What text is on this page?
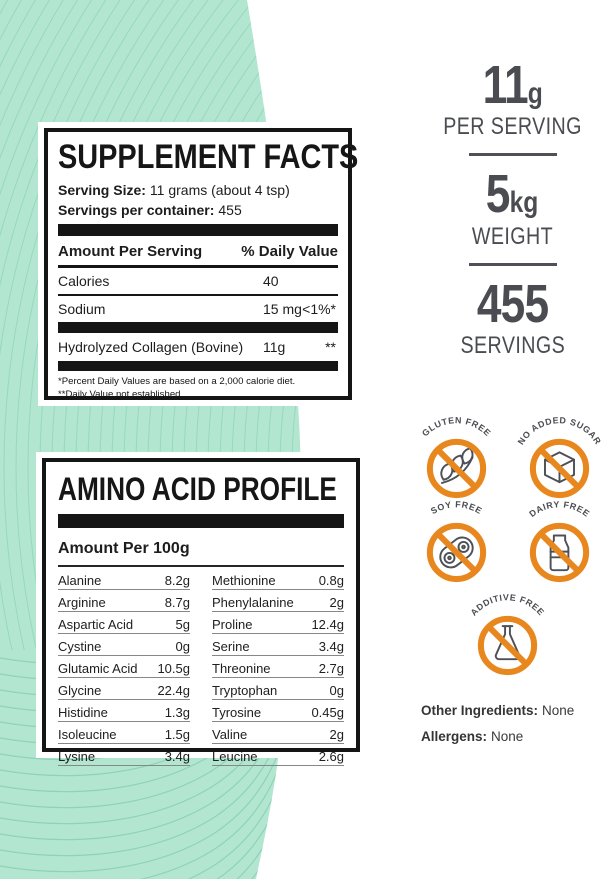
SUPPLEMENT FACTS
Serving Size: 11 grams (about 4 tsp)
Servings per container: 455
Amount Per Serving	% Daily Value
Calories	40
Sodium	15 mg <1%*
Hydrolyzed Collagen (Bovine) 11g	**
*Percent Daily Values are based on a 2,000 calorie diet.
**Daily Value not established.
AMINO ACID PROFILE
Amount Per 100g
Alanine	8.2g
Arginine	8.7g
Aspartic Acid	5g
Cystine	0g
Glutamic Acid 10.5g
Glycine	22.4g
Histidine	1.3g
Isoleucine	1.5g
Lysine	3.4g
Methionine	0.8g
Phenylalanine	2g
Proline	12.4g
Serine	3.4g
Threonine	2.7g
Tryptophan	0g
Tyrosine	0.45g
Valine	2g
Leucine	2.6g
11g
PER SERVING
5kg
WEIGHT
455
SERVINGS
GLUTEN FREE
NO ADDED SUGAR
SOY FREE	DAIRY FREE
ADDITIVE FREE
Other Ingredients: None
Allergens: None
